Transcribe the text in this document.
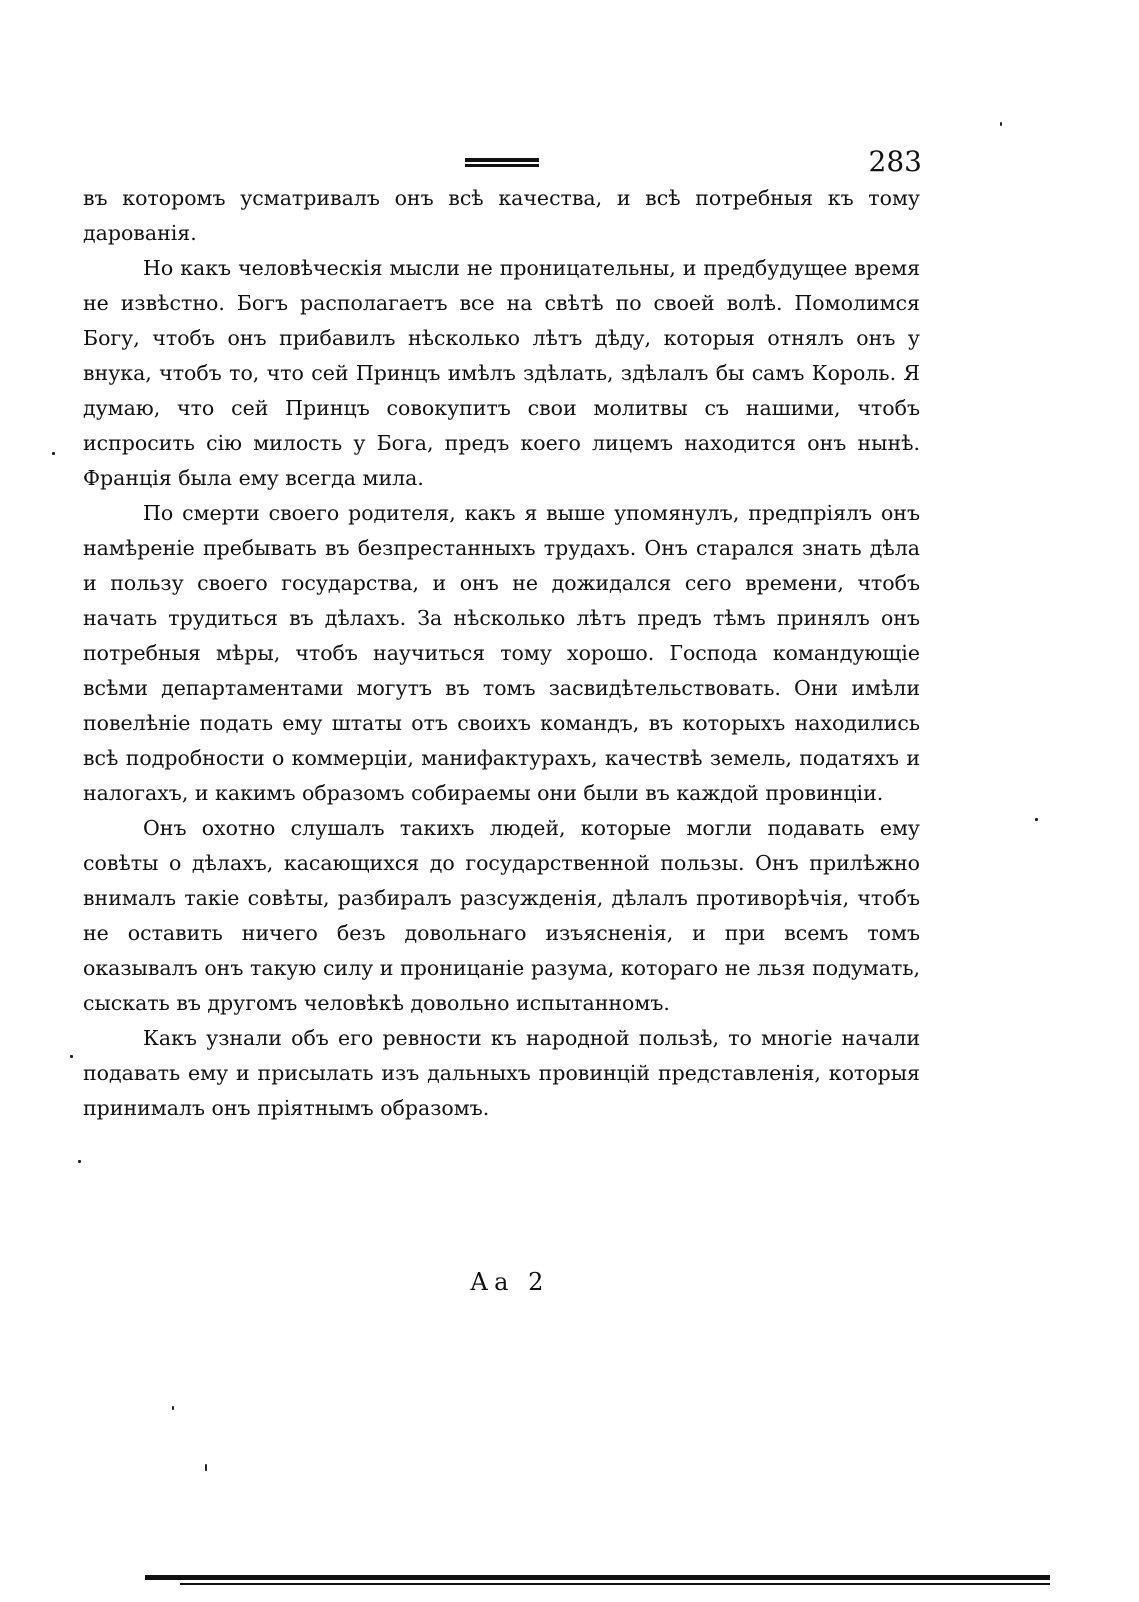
283

въ которомъ усматривалъ онъ всѣ качества, и всѣ потребныя къ тому дарованія.

Но какъ человѣческія мысли не проницательны, и предбудущее время не извѣстно. Богъ располагаетъ все на свѣтѣ по своей волѣ. Помолимся Богу, чтобъ онъ прибавилъ нѣсколько лѣтъ дѣду, которыя отнялъ онъ у внука, чтобъ то, что сей Принцъ имѣлъ здѣлать, здѣлалъ бы самъ Король. Я думаю, что сей Принцъ совокупитъ свои молитвы съ нашими, чтобъ испросить сію милость у Бога, предъ коего лицемъ находится онъ нынѣ. Франція была ему всегда мила.

По смерти своего родителя, какъ я выше упомянулъ, предпріялъ онъ намѣреніе пребывать въ безпрестанныхъ трудахъ. Онъ старался знать дѣла и пользу своего государства, и онъ не дожидался сего времени, чтобъ начать трудиться въ дѣлахъ. За нѣсколько лѣтъ предъ тѣмъ принялъ онъ потребныя мѣры, чтобъ научиться тому хорошо. Господа командующіе всѣми департаментами могутъ въ томъ засвидѣтельствовать. Они имѣли повелѣніе подать ему штаты отъ своихъ командъ, въ которыхъ находились всѣ подробности о коммерціи, манифактурахъ, качествѣ земель, податяхъ и налогахъ, и какимъ образомъ собираемы они были въ каждой провинціи.

Онъ охотно слушалъ такихъ людей, которые могли подавать ему совѣты о дѣлахъ, касающихся до государственной пользы. Онъ прилѣжно внималъ такіе совѣты, разбиралъ разсужденія, дѣлалъ противорѣчія, чтобъ не оставить ничего безъ довольнаго изъясненія, и при всемъ томъ оказывалъ онъ такую силу и проницаніе разума, котораго не льзя подумать, сыскать въ другомъ человѣкѣ довольно испытанномъ.

Какъ узнали объ его ревности къ народной пользѣ, то многіе начали подавать ему и присылать изъ дальныхъ провинцій представленія, которыя принималъ онъ пріятнымъ образомъ.

Аа 2
